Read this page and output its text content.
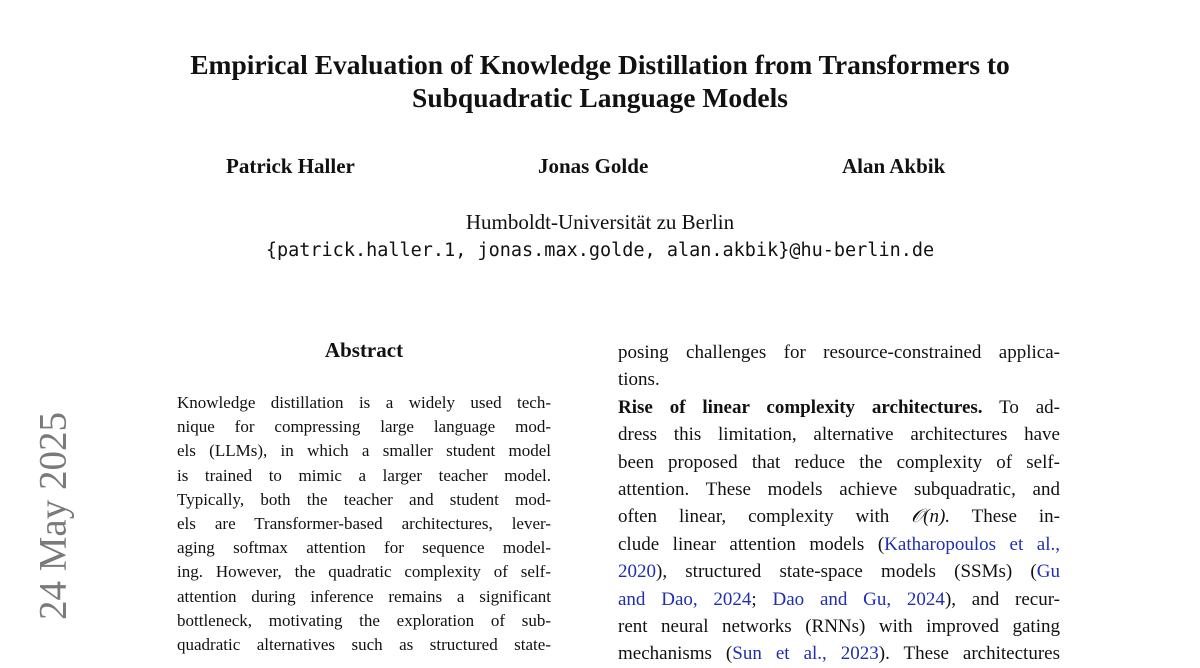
24 May 2025
Empirical Evaluation of Knowledge Distillation from Transformers to
Subquadratic Language Models
Patrick Haller	Jonas Golde	Alan Akbik
Humboldt-Universität zu Berlin
{patrick.haller.1, jonas.max.golde, alan.akbik}@hu-berlin.de
Abstract
Knowledge distillation is a widely used tech-
nique for compressing large language mod-
els (LLMs), in which a smaller student model
is trained to mimic a larger teacher model.
Typically, both the teacher and student mod-
els are Transformer-based architectures, lever-
aging softmax attention for sequence model-
ing. However, the quadratic complexity of self-
attention during inference remains a significant
bottleneck, motivating the exploration of sub-
quadratic alternatives such as structured state-
posing challenges for resource-constrained applica-
tions.
Rise of linear complexity architectures. To ad-
dress this limitation, alternative architectures have
been proposed that reduce the complexity of self-
attention. These models achieve subquadratic, and
often linear, complexity with 𝒪(n). These in-
clude linear attention models (Katharopoulos et al.,
2020), structured state-space models (SSMs) (Gu
and Dao, 2024; Dao and Gu, 2024), and recur-
rent neural networks (RNNs) with improved gating
mechanisms (Sun et al., 2023). These architectures
